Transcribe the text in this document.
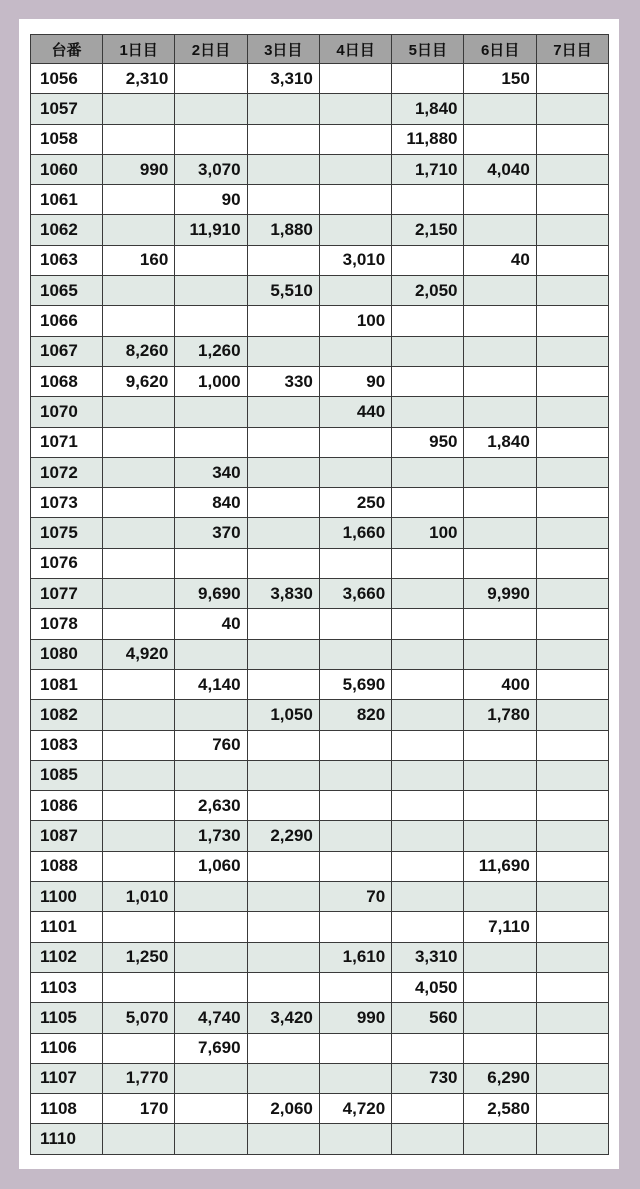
台番	1日目	2日目	3日目	4日目	5日目	6日目	7日目
1056	2,310		3,310			150	
1057					1,840		
1058					11,880		
1060	990	3,070			1,710	4,040	
1061		90					
1062		11,910	1,880		2,150		
1063	160			3,010		40	
1065			5,510		2,050		
1066				100			
1067	8,260	1,260					
1068	9,620	1,000	330	90			
1070				440			
1071					950	1,840	
1072		340					
1073		840		250			
1075		370		1,660	100		
1076							
1077		9,690	3,830	3,660		9,990	
1078		40					
1080	4,920						
1081		4,140		5,690		400	
1082			1,050	820		1,780	
1083		760					
1085							
1086		2,630					
1087		1,730	2,290				
1088		1,060				11,690	
1100	1,010			70			
1101						7,110	
1102	1,250			1,610	3,310		
1103					4,050		
1105	5,070	4,740	3,420	990	560		
1106		7,690					
1107	1,770				730	6,290	
1108	170		2,060	4,720		2,580	
1110							
